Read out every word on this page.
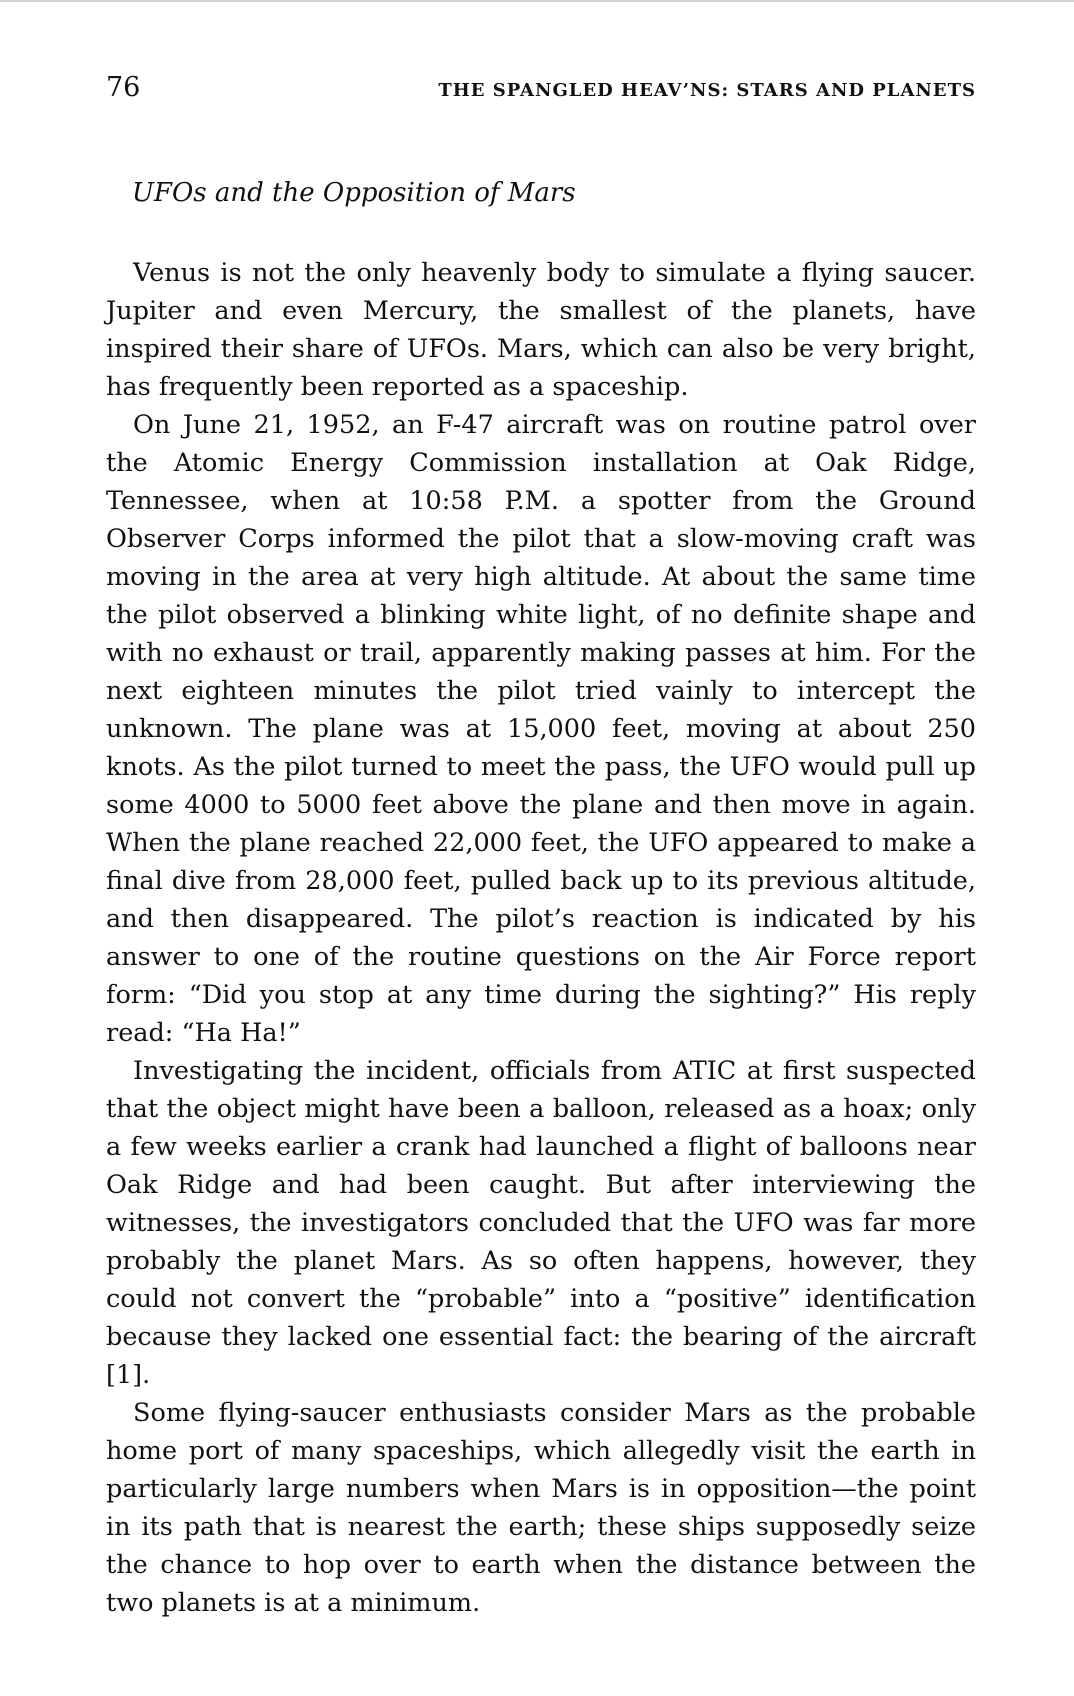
76	THE SPANGLED HEAV’NS: STARS AND PLANETS
UFOs and the Opposition of Mars

Venus is not the only heavenly body to simulate a flying saucer. Jupiter and even Mercury, the smallest of the planets, have inspired their share of UFOs. Mars, which can also be very bright, has frequently been reported as a spaceship.

On June 21, 1952, an F-47 aircraft was on routine patrol over the Atomic Energy Commission installation at Oak Ridge, Tennessee, when at 10:58 P.M. a spotter from the Ground Observer Corps informed the pilot that a slow-moving craft was moving in the area at very high altitude. At about the same time the pilot observed a blinking white light, of no definite shape and with no exhaust or trail, apparently making passes at him. For the next eighteen minutes the pilot tried vainly to intercept the unknown. The plane was at 15,000 feet, moving at about 250 knots. As the pilot turned to meet the pass, the UFO would pull up some 4000 to 5000 feet above the plane and then move in again. When the plane reached 22,000 feet, the UFO appeared to make a final dive from 28,000 feet, pulled back up to its previous altitude, and then disappeared. The pilot’s reaction is indicated by his answer to one of the routine questions on the Air Force report form: “Did you stop at any time during the sighting?” His reply read: “Ha Ha!”

Investigating the incident, officials from ATIC at first suspected that the object might have been a balloon, released as a hoax; only a few weeks earlier a crank had launched a flight of balloons near Oak Ridge and had been caught. But after interviewing the witnesses, the investigators concluded that the UFO was far more probably the planet Mars. As so often happens, however, they could not convert the “probable” into a “positive” identification because they lacked one essential fact: the bearing of the aircraft [1].

Some flying-saucer enthusiasts consider Mars as the probable home port of many spaceships, which allegedly visit the earth in particularly large numbers when Mars is in opposition—the point in its path that is nearest the earth; these ships supposedly seize the chance to hop over to earth when the distance between the two planets is at a minimum.
